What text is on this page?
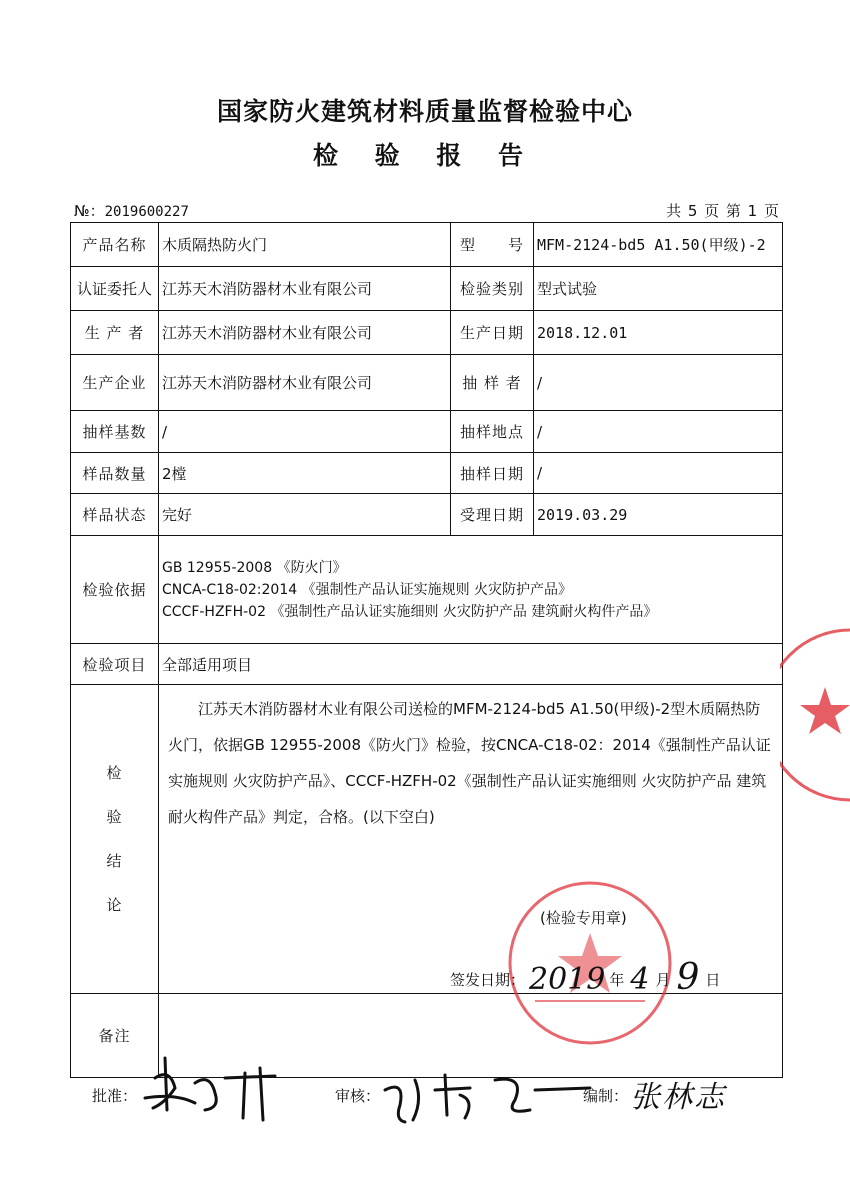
国家防火建筑材料质量监督检验中心
检 验 报 告
№：2019600227	共 5 页 第 1 页
产品名称	木质隔热防火门	型　　号	MFM-2124-bd5 A1.50(甲级)-2
认证委托人	江苏天木消防器材木业有限公司	检验类别	型式试验
生 产 者	江苏天木消防器材木业有限公司	生产日期	2018.12.01
生产企业	江苏天木消防器材木业有限公司	抽 样 者	/
抽样基数	/	抽样地点	/
样品数量	2樘	抽样日期	/
样品状态	完好	受理日期	2019.03.29
检验依据	GB 12955-2008 《防火门》
CNCA-C18-02:2014 《强制性产品认证实施规则 火灾防护产品》
CCCF-HZFH-02 《强制性产品认证实施细则 火灾防护产品 建筑耐火构件产品》		

检验项目	全部适用项目		

检
验
结
论	江苏天木消防器材木业有限公司送检的MFM-2124-bd5 A1.50(甲级)-2型木质隔热防火门，依据GB 12955-2008《防火门》检验，按CNCA-C18-02：2014《强制性产品认证实施规则 火灾防护产品》、CCCF-HZFH-02《强制性产品认证实施细则 火灾防护产品 建筑耐火构件产品》判定，合格。(以下空白)		

备注			
(检验专用章)
签发日期： 2019 年 4 月 9 日
批准：	审核：	编制： 张林志
